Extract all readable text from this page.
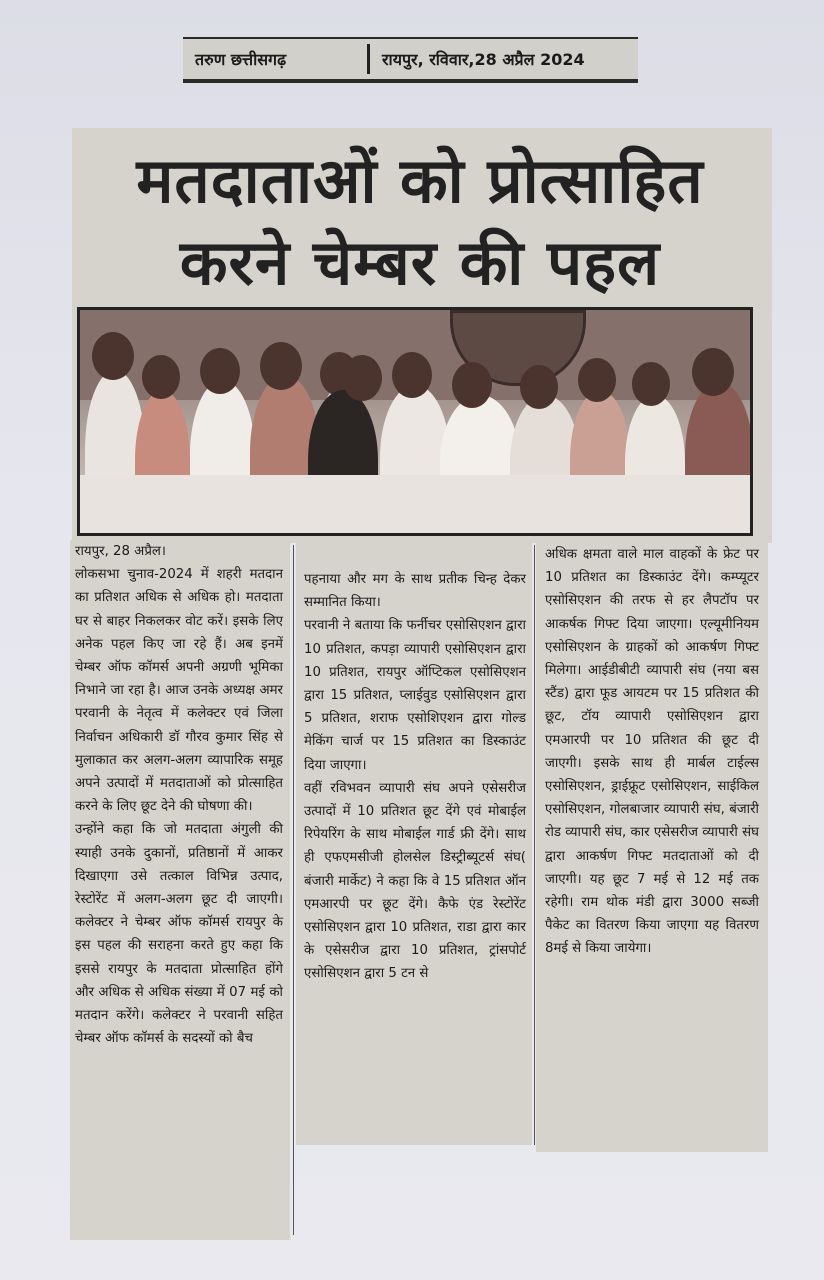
तरुण छत्तीसगढ़	रायपुर, रविवार,28 अप्रैल 2024
मतदाताओं को प्रोत्साहित
करने चेम्बर की पहल
रायपुर, 28 अप्रैल।
लोकसभा चुनाव-2024 में शहरी मतदान का प्रतिशत अधिक से अधिक हो। मतदाता घर से बाहर निकलकर वोट करें। इसके लिए अनेक पहल किए जा रहे हैं। अब इनमें चेम्बर ऑफ कॉमर्स अपनी अग्रणी भूमिका निभाने जा रहा है। आज उनके अध्यक्ष अमर परवानी के नेतृत्व में कलेक्टर एवं जिला निर्वाचन अधिकारी डॉ गौरव कुमार सिंह से मुलाकात कर अलग-अलग व्यापारिक समूह अपने उत्पादों में मतदाताओं को प्रोत्साहित करने के लिए छूट देने की घोषणा की।
उन्होंने कहा कि जो मतदाता अंगुली की स्याही उनके दुकानों, प्रतिष्ठानों में आकर दिखाएगा उसे तत्काल विभिन्न उत्पाद, रेस्टोरेंट में अलग-अलग छूट दी जाएगी। कलेक्टर ने चेम्बर ऑफ कॉमर्स रायपुर के इस पहल की सराहना करते हुए कहा कि इससे रायपुर के मतदाता प्रोत्साहित होंगे और अधिक से अधिक संख्या में 07 मई को मतदान करेंगे। कलेक्टर ने परवानी सहित चेम्बर ऑफ कॉमर्स के सदस्यों को बैच
पहनाया और मग के साथ प्रतीक चिन्ह देकर सम्मानित किया।
परवानी ने बताया कि फर्नीचर एसोसिएशन द्वारा 10 प्रतिशत, कपड़ा व्यापारी एसोसिएशन द्वारा 10 प्रतिशत, रायपुर ऑप्टिकल एसोसिएशन द्वारा 15 प्रतिशत, प्लाईवुड एसोसिएशन द्वारा 5 प्रतिशत, शराफ एसोशिएशन द्वारा गोल्ड मेकिंग चार्ज पर 15 प्रतिशत का डिस्काउंट दिया जाएगा।
वहीं रविभवन व्यापारी संघ अपने एसेसरीज उत्पादों में 10 प्रतिशत छूट देंगे एवं मोबाईल रिपेयरिंग के साथ मोबाईल गार्ड फ्री देंगे। साथ ही एफएमसीजी होलसेल डिस्ट्रीब्यूटर्स संघ( बंजारी मार्केट) ने कहा कि वे 15 प्रतिशत ऑन एमआरपी पर छूट देंगे। कैफे एंड रेस्टोरेंट एसोसिएशन द्वारा 10 प्रतिशत, राडा द्वारा कार के एसेसरीज द्वारा 10 प्रतिशत, ट्रांसपोर्ट एसोसिएशन द्वारा 5 टन से
अधिक क्षमता वाले माल वाहकों के फ्रेट पर 10 प्रतिशत का डिस्काउंट देंगे। कम्प्यूटर एसोसिएशन की तरफ से हर लैपटॉप पर आकर्षक गिफ्ट दिया जाएगा। एल्यूमीनियम एसोसिएशन के ग्राहकों को आकर्षण गिफ्ट मिलेगा। आईडीबीटी व्यापारी संघ (नया बस स्टैंड) द्वारा फूड आयटम पर 15 प्रतिशत की छूट, टॉय व्यापारी एसोसिएशन द्वारा एमआरपी पर 10 प्रतिशत की छूट दी जाएगी। इसके साथ ही मार्बल टाईल्स एसोसिएशन, ड्राईफ्रूट एसोसिएशन, साईकिल एसोसिएशन, गोलबाजार व्यापारी संघ, बंजारी रोड व्यापारी संघ, कार एसेसरीज व्यापारी संघ द्वारा आकर्षण गिफ्ट मतदाताओं को दी जाएगी। यह छूट 7 मई से 12 मई तक रहेगी। राम थोक मंडी द्वारा 3000 सब्जी पैकेट का वितरण किया जाएगा यह वितरण 8मई से किया जायेगा।
